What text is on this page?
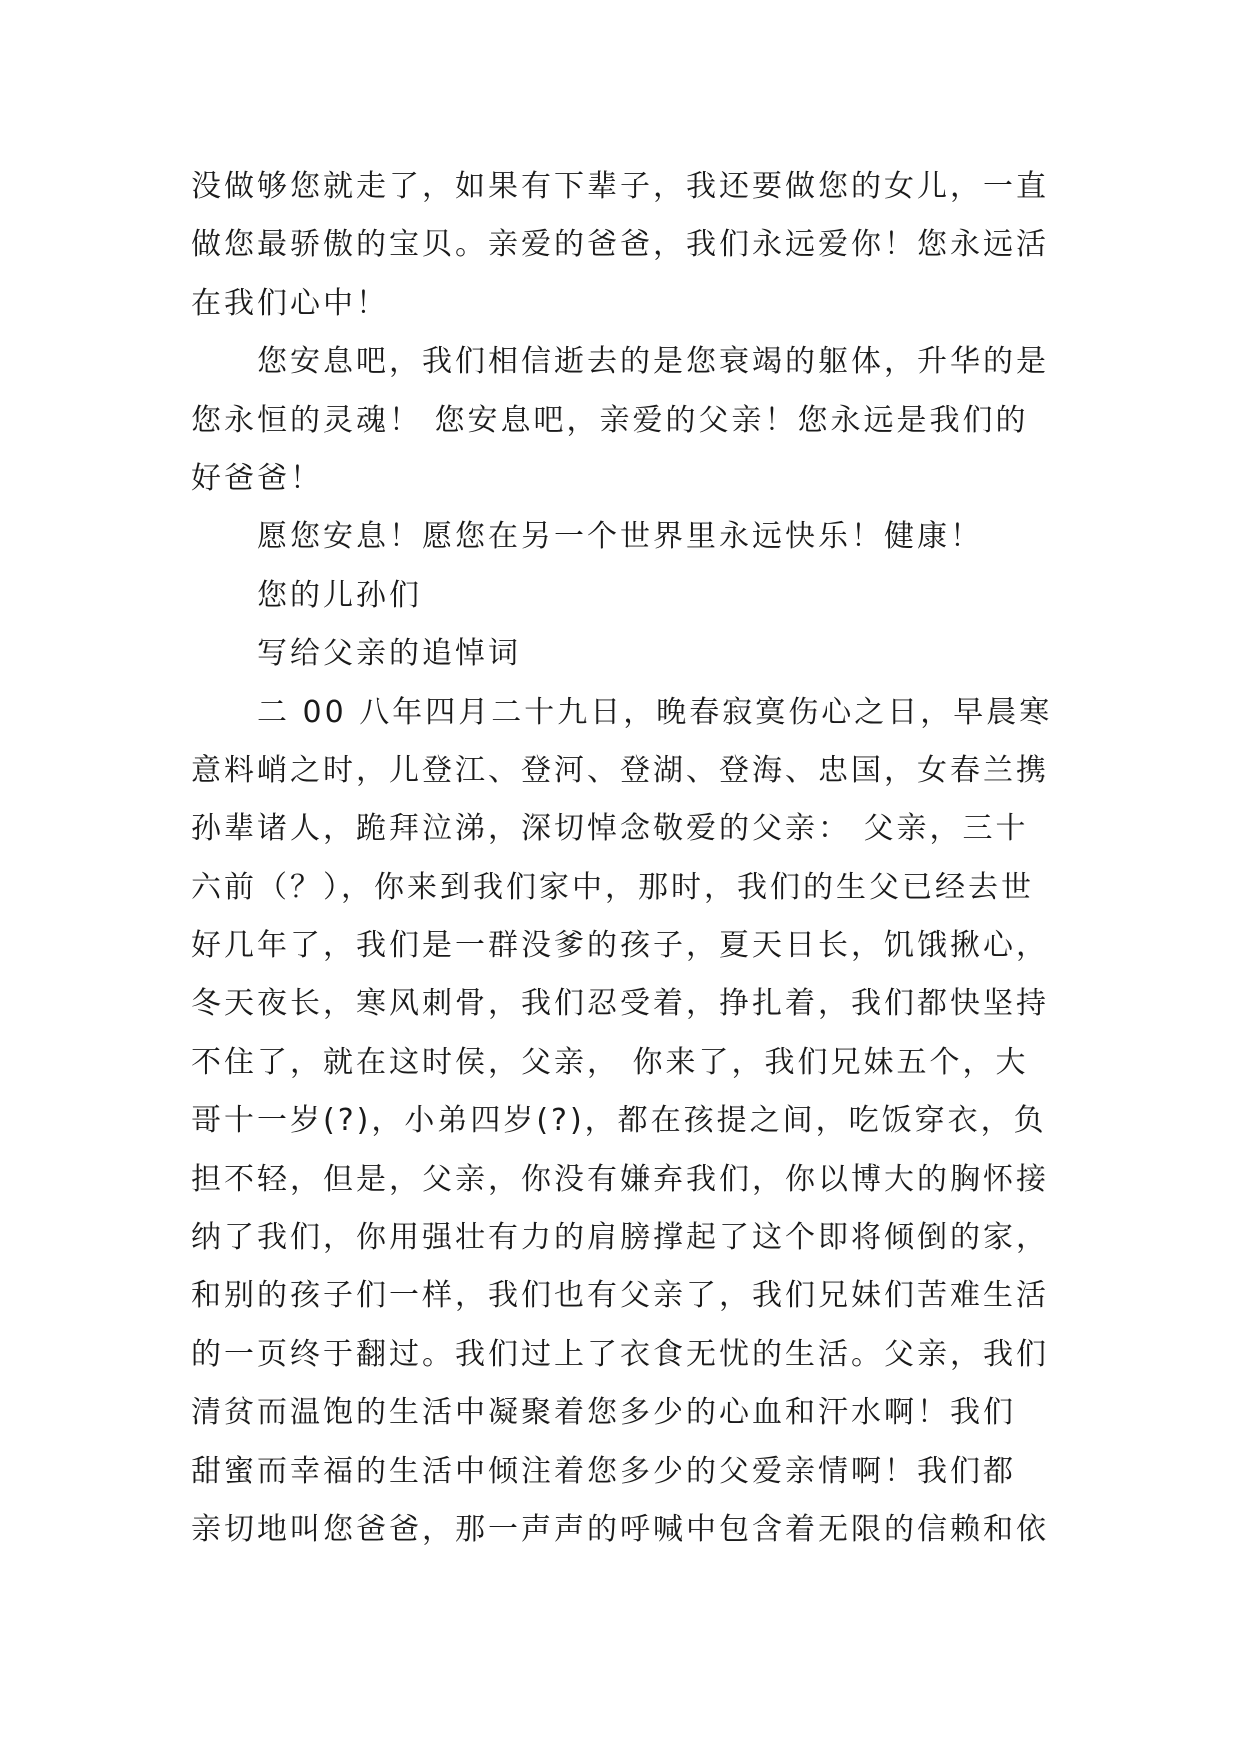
没做够您就走了，如果有下辈子，我还要做您的女儿，一直
做您最骄傲的宝贝。亲爱的爸爸，我们永远爱你！您永远活
在我们心中！
您安息吧，我们相信逝去的是您衰竭的躯体，升华的是
您永恒的灵魂！ 您安息吧，亲爱的父亲！您永远是我们的
好爸爸！
愿您安息！愿您在另一个世界里永远快乐！健康！
您的儿孙们
写给父亲的追悼词
二 00 八年四月二十九日，晚春寂寞伤心之日，早晨寒
意料峭之时，儿登江、登河、登湖、登海、忠国，女春兰携
孙辈诸人，跪拜泣涕，深切悼念敬爱的父亲： 父亲，三十
六前（？），你来到我们家中，那时，我们的生父已经去世
好几年了，我们是一群没爹的孩子，夏天日长，饥饿揪心，
冬天夜长，寒风刺骨，我们忍受着，挣扎着，我们都快坚持
不住了，就在这时侯，父亲， 你来了，我们兄妹五个，大
哥十一岁(?)，小弟四岁(?)，都在孩提之间，吃饭穿衣，负
担不轻，但是，父亲，你没有嫌弃我们，你以博大的胸怀接
纳了我们，你用强壮有力的肩膀撑起了这个即将倾倒的家，
和别的孩子们一样，我们也有父亲了，我们兄妹们苦难生活
的一页终于翻过。我们过上了衣食无忧的生活。父亲，我们
清贫而温饱的生活中凝聚着您多少的心血和汗水啊！我们
甜蜜而幸福的生活中倾注着您多少的父爱亲情啊！我们都
亲切地叫您爸爸，那一声声的呼喊中包含着无限的信赖和依
